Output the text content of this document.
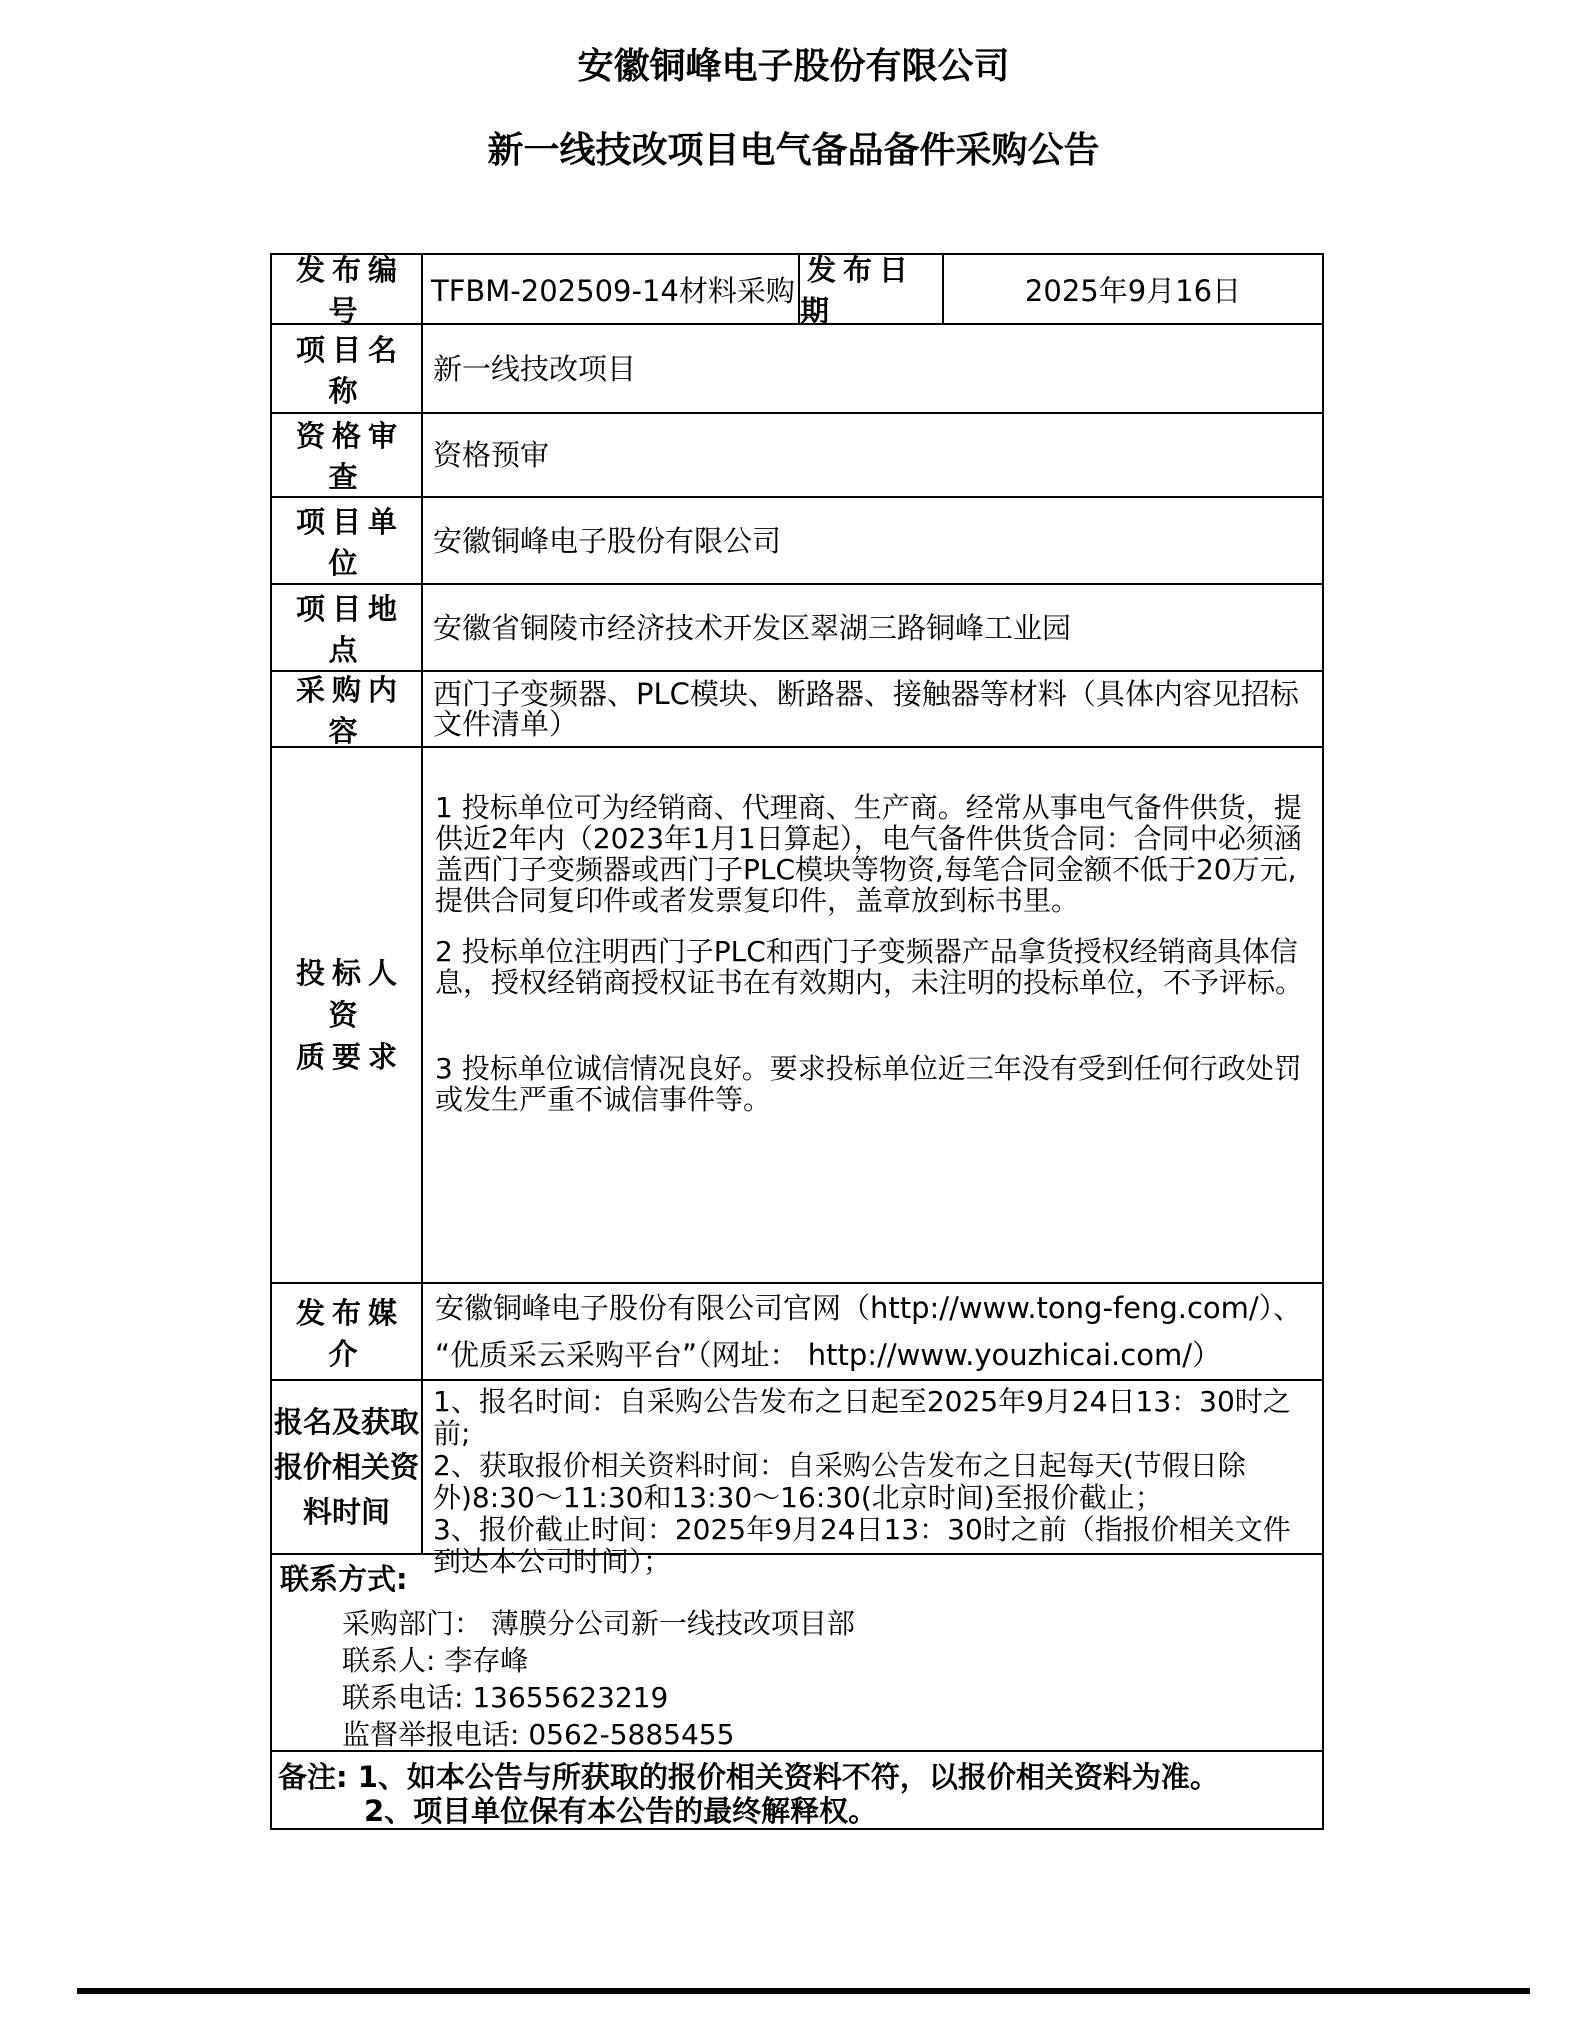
安徽铜峰电子股份有限公司
新一线技改项目电气备品备件采购公告
发布编号
TFBM-202509-14材料采购
发布日期
2025年9月16日
项目名称
新一线技改项目
资格审查
资格预审
项目单位
安徽铜峰电子股份有限公司
项目地点
安徽省铜陵市经济技术开发区翠湖三路铜峰工业园
采购内容
西门子变频器、PLC模块、断路器、接触器等材料（具体内容见招标文件清单）
投标人资
质要求

1 投标单位可为经销商、代理商、生产商。经常从事电气备件供货，提供近2年内（2023年1月1日算起），电气备件供货合同：合同中必须涵盖西门子变频器或西门子PLC模块等物资,每笔合同金额不低于20万元,提供合同复印件或者发票复印件，盖章放到标书里。

2 投标单位注明西门子PLC和西门子变频器产品拿货授权经销商具体信息，授权经销商授权证书在有效期内，未注明的投标单位，不予评标。

3 投标单位诚信情况良好。要求投标单位近三年没有受到任何行政处罚或发生严重不诚信事件等。

发布媒介
安徽铜峰电子股份有限公司官网（http://www.tong-feng.com/）、
“优质采云采购平台”（网址： http://www.youzhicai.com/）
报名及获取
报价相关资
料时间
1、报名时间：自采购公告发布之日起至2025年9月24日13：30时之前;
2、获取报价相关资料时间：自采购公告发布之日起每天(节假日除外)8:30～11:30和13:30～16:30(北京时间)至报价截止；
3、报价截止时间：2025年9月24日13：30时之前（指报价相关文件到达本公司时间）；
联系方式:
采购部门： 薄膜分公司新一线技改项目部
联系人: 李存峰
联系电话: 13655623219
监督举报电话: 0562-5885455
备注: 1、如本公告与所获取的报价相关资料不符，以报价相关资料为准。
2、项目单位保有本公告的最终解释权。
